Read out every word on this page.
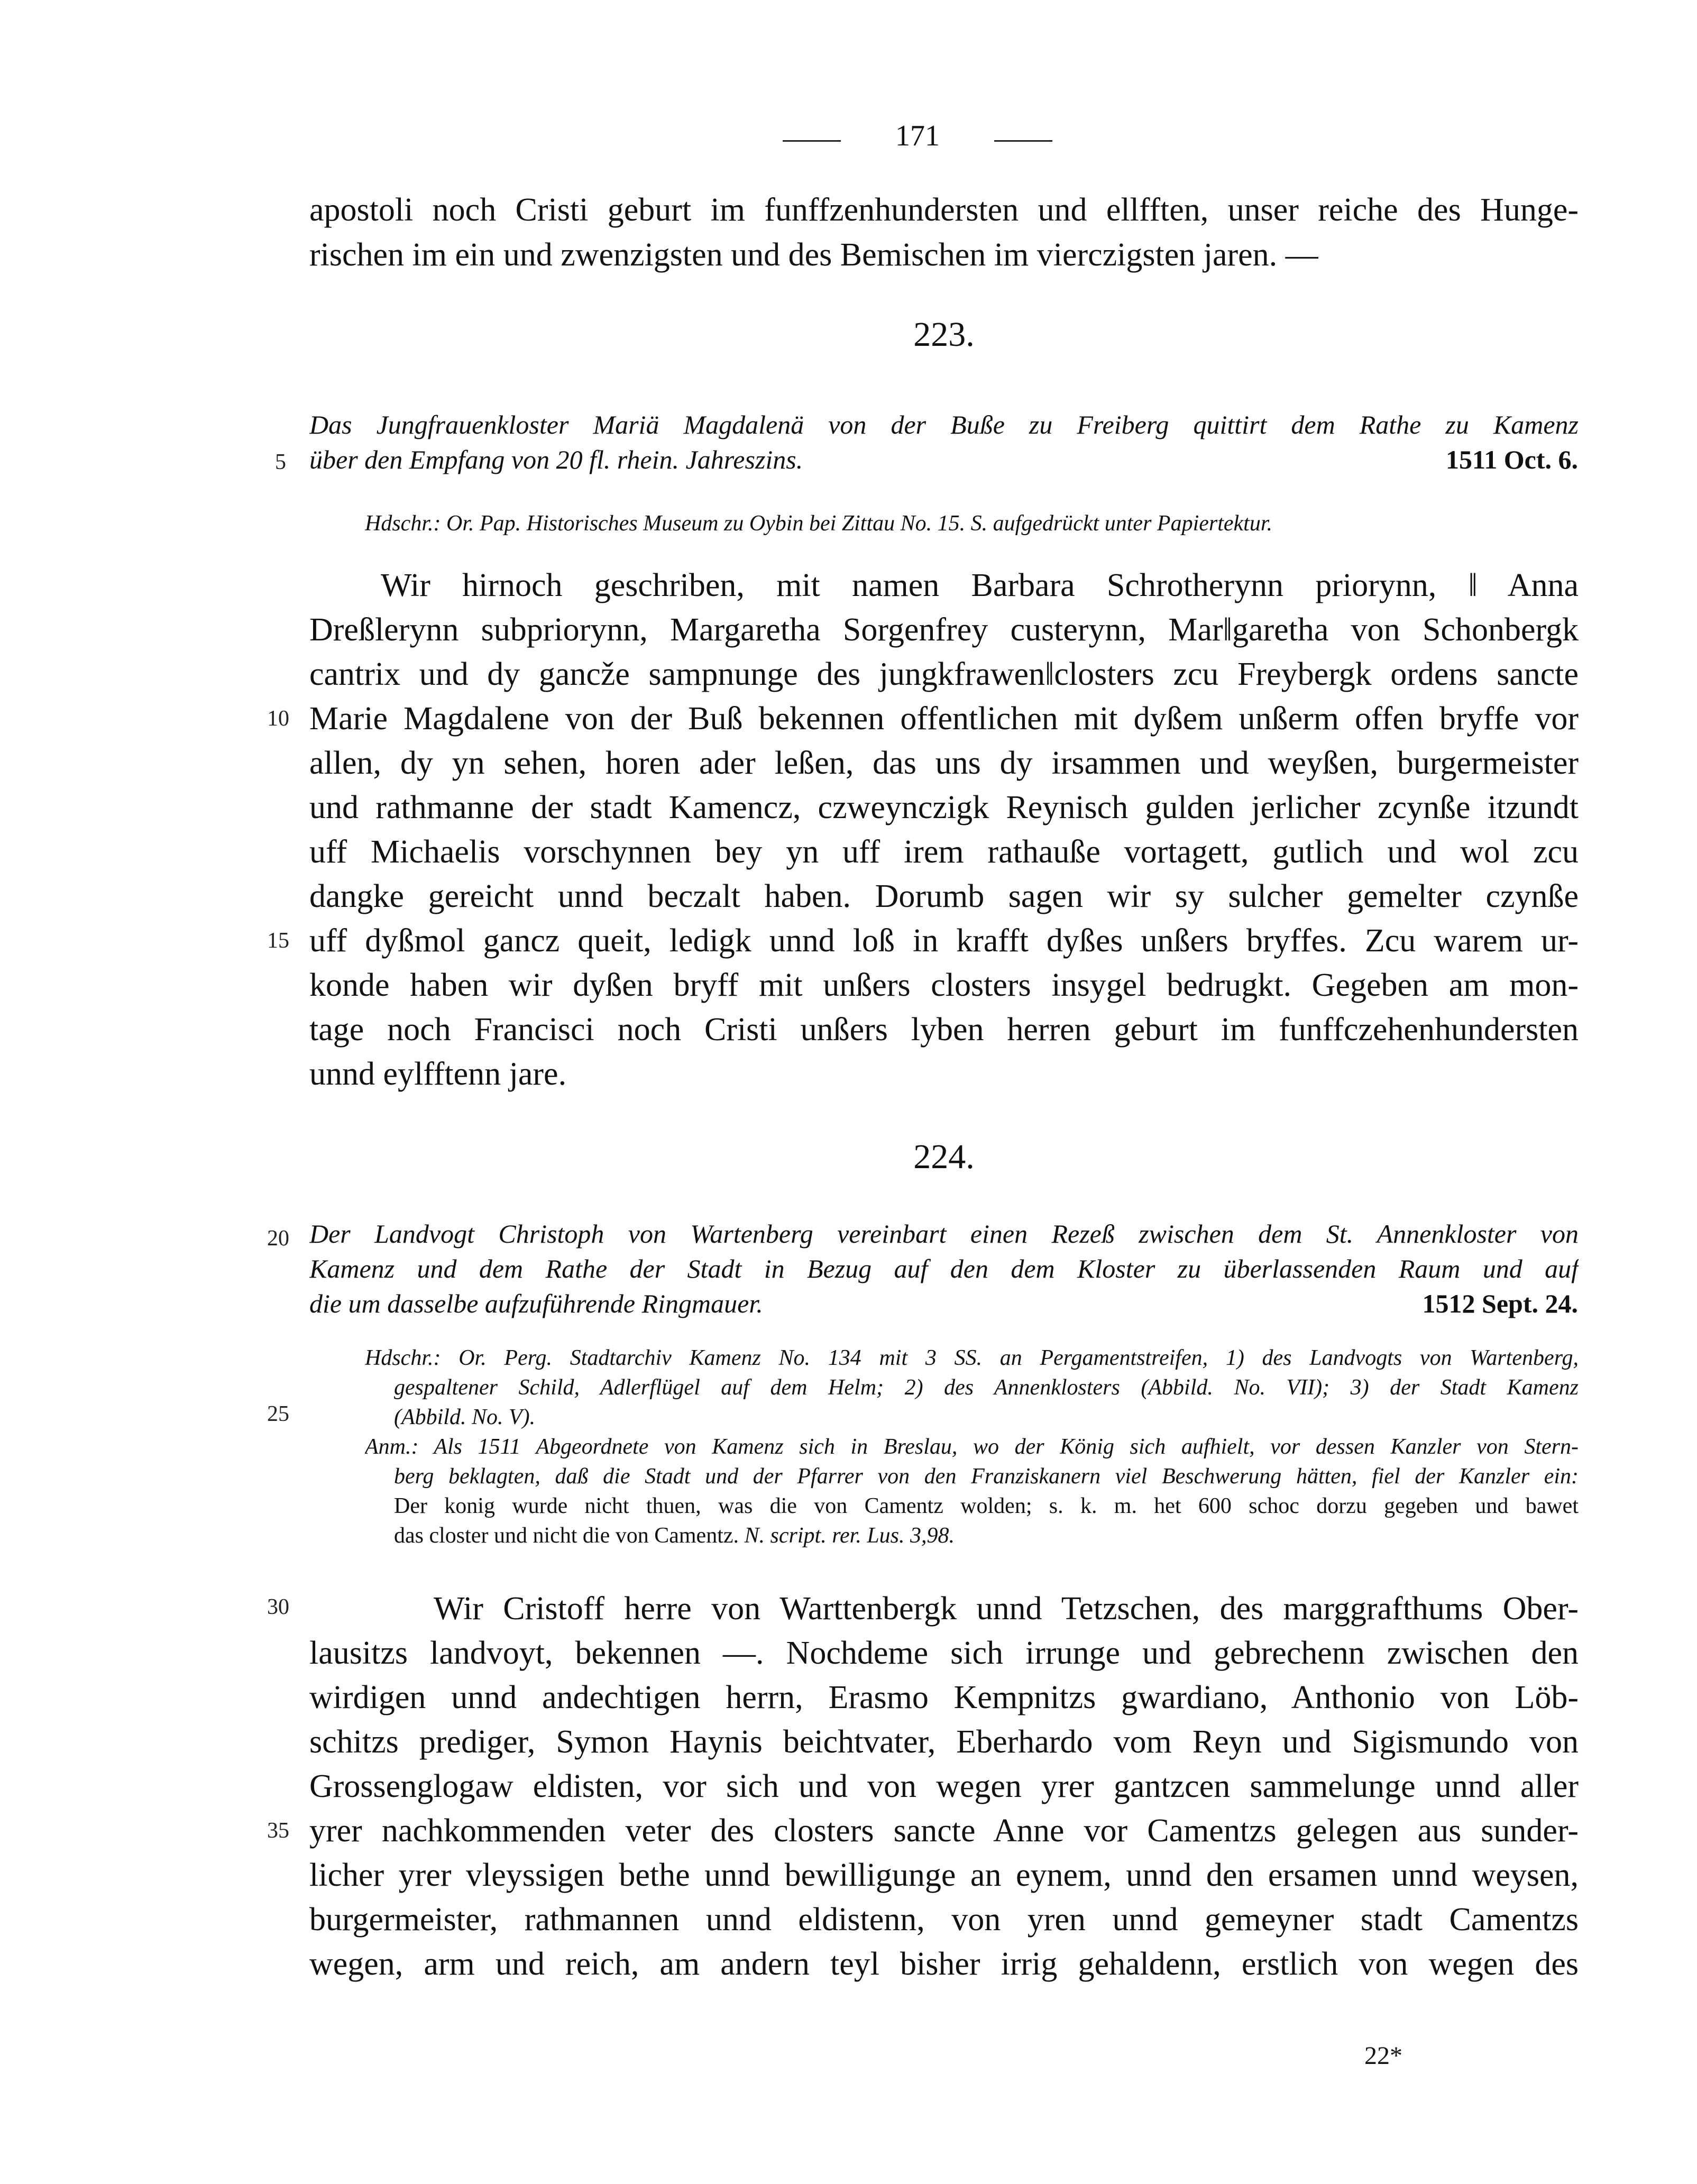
171
apostoli noch Cristi geburt im funffzenhundersten und ellfften, unser reiche des Hunge-
rischen im ein und zwenzigsten und des Bemischen im vierczigsten jaren. —
223.
Das Jungfrauenkloster Mariä Magdalenä von der Buße zu Freiberg quittirt dem Rathe zu Kamenz
über den Empfang von 20 fl. rhein. Jahreszins.	1511 Oct. 6.
Hdschr.: Or. Pap. Historisches Museum zu Oybin bei Zittau No. 15. S. aufgedrückt unter Papiertektur.
Wir hirnoch geschriben, mit namen Barbara Schrotherynn priorynn, ‖ Anna
Dreßlerynn subpriorynn, Margaretha Sorgenfrey custerynn, Mar‖garetha von Schonbergk
cantrix und dy gancže sampnunge des jungkfrawen‖closters zcu Freybergk ordens sancte
Marie Magdalene von der Buß bekennen offentlichen mit dyßem unßerm offen bryffe vor
allen, dy yn sehen, horen ader leßen, das uns dy irsammen und weyßen, burgermeister
und rathmanne der stadt Kamencz, czweynczigk Reynisch gulden jerlicher zcynße itzundt
uff Michaelis vorschynnen bey yn uff irem rathauße vortagett, gutlich und wol zcu
dangke gereicht unnd beczalt haben. Dorumb sagen wir sy sulcher gemelter czynße
uff dyßmol gancz queit, ledigk unnd loß in krafft dyßes unßers bryffes. Zcu warem ur-
konde haben wir dyßen bryff mit unßers closters insygel bedrugkt. Gegeben am mon-
tage noch Francisci noch Cristi unßers lyben herren geburt im funffczehenhundersten
unnd eylfftenn jare.
224.
Der Landvogt Christoph von Wartenberg vereinbart einen Rezeß zwischen dem St. Annenkloster von
Kamenz und dem Rathe der Stadt in Bezug auf den dem Kloster zu überlassenden Raum und auf
die um dasselbe aufzuführende Ringmauer.	1512 Sept. 24.
Hdschr.: Or. Perg. Stadtarchiv Kamenz No. 134 mit 3 SS. an Pergamentstreifen, 1) des Landvogts von Wartenberg,
gespaltener Schild, Adlerflügel auf dem Helm; 2) des Annenklosters (Abbild. No. VII); 3) der Stadt Kamenz
(Abbild. No. V).
Anm.: Als 1511 Abgeordnete von Kamenz sich in Breslau, wo der König sich aufhielt, vor dessen Kanzler von Stern-
berg beklagten, daß die Stadt und der Pfarrer von den Franziskanern viel Beschwerung hätten, fiel der Kanzler ein:
Der konig wurde nicht thuen, was die von Camentz wolden; s. k. m. het 600 schoc dorzu gegeben und bawet
das closter und nicht die von Camentz. N. script. rer. Lus. 3,98.
Wir Cristoff herre von Warttenbergk unnd Tetzschen, des marggrafthums Ober-
lausitzs landvoyt, bekennen —. Nochdeme sich irrunge und gebrechenn zwischen den
wirdigen unnd andechtigen herrn, Erasmo Kempnitzs gwardiano, Anthonio von Löb-
schitzs prediger, Symon Haynis beichtvater, Eberhardo vom Reyn und Sigismundo von
Grossenglogaw eldisten, vor sich und von wegen yrer gantzcen sammelunge unnd aller
yrer nachkommenden veter des closters sancte Anne vor Camentzs gelegen aus sunder-
licher yrer vleyssigen bethe unnd bewilligunge an eynem, unnd den ersamen unnd weysen,
burgermeister, rathmannen unnd eldistenn, von yren unnd gemeyner stadt Camentzs
wegen, arm und reich, am andern teyl bisher irrig gehaldenn, erstlich von wegen des
5
10
15
20
25
30
35
22*
